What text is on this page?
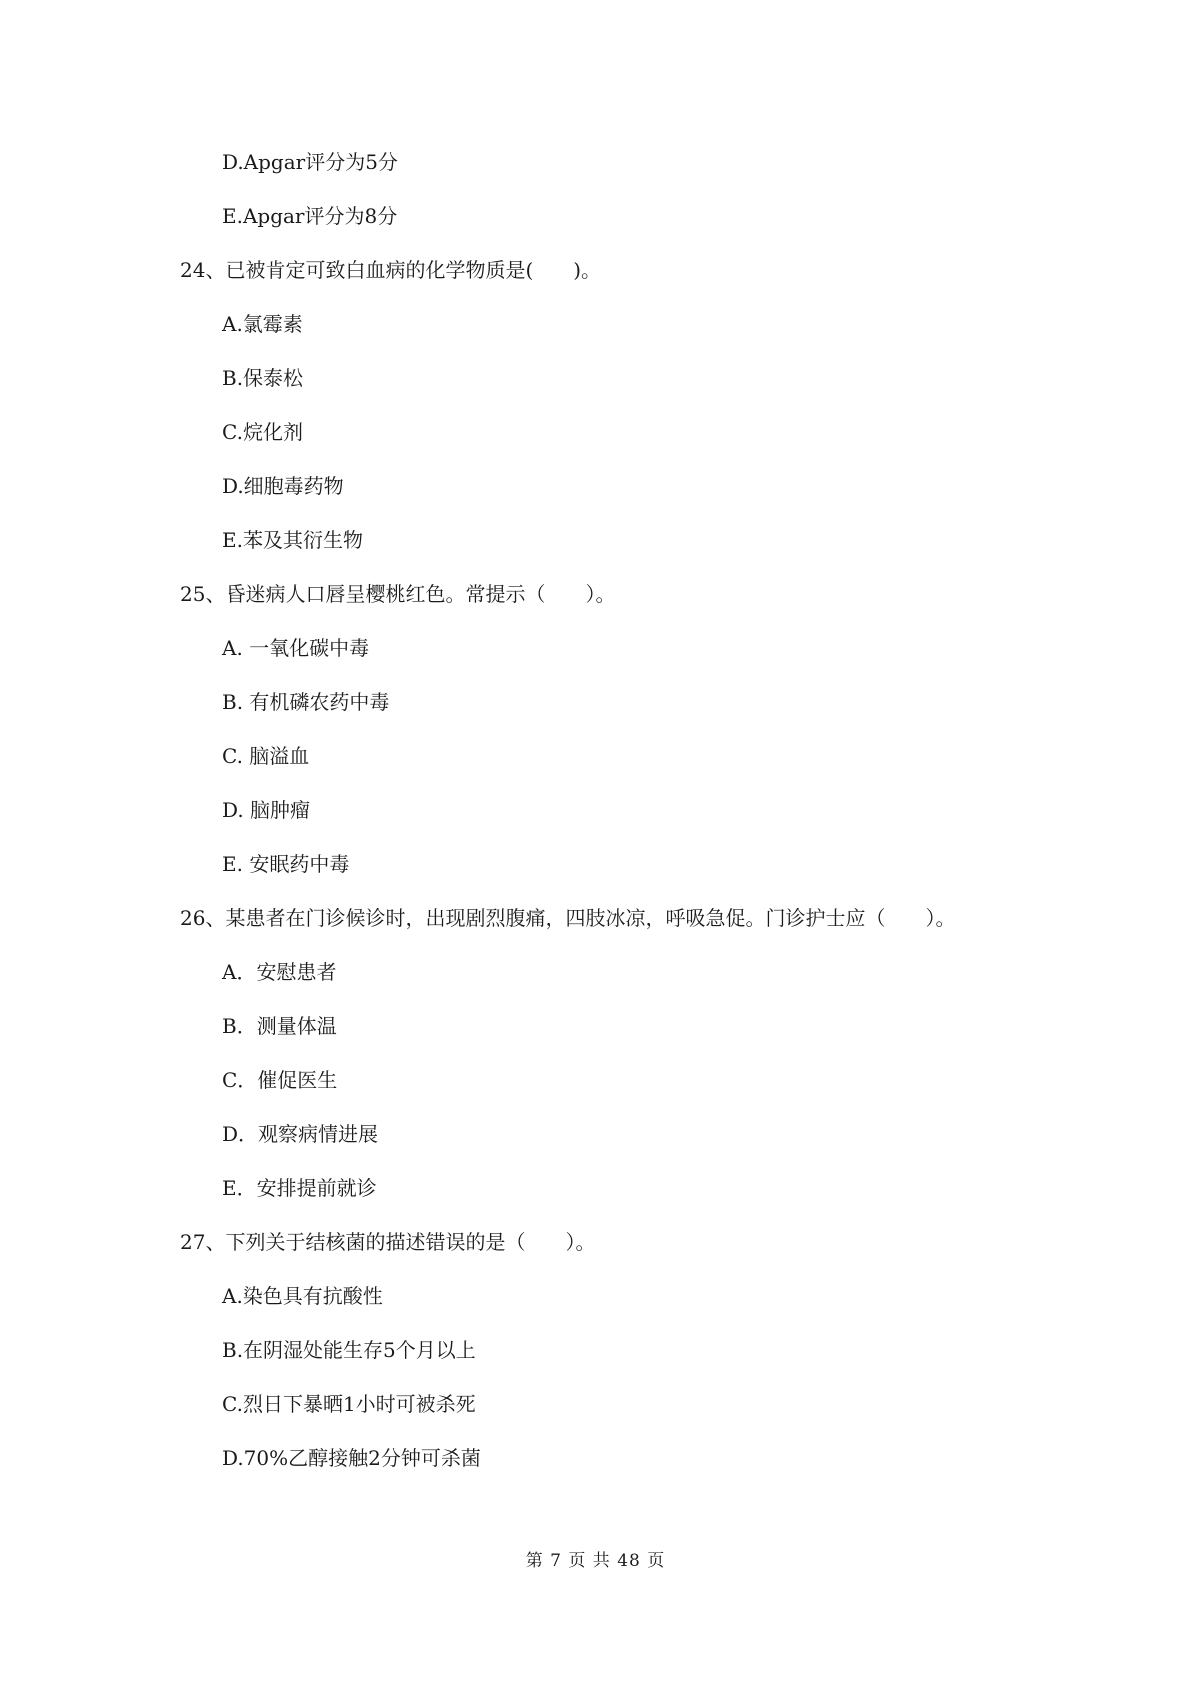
D.Apgar评分为5分
E.Apgar评分为8分
24、已被肯定可致白血病的化学物质是(　　)。
A.氯霉素
B.保泰松
C.烷化剂
D.细胞毒药物
E.苯及其衍生物
25、昏迷病人口唇呈樱桃红色。常提示（　　）。
A. 一氧化碳中毒
B. 有机磷农药中毒
C. 脑溢血
D. 脑肿瘤
E. 安眠药中毒
26、某患者在门诊候诊时，出现剧烈腹痛，四肢冰凉，呼吸急促。门诊护士应（　　）。
A．安慰患者
B．测量体温
C．催促医生
D．观察病情进展
E．安排提前就诊
27、下列关于结核菌的描述错误的是（　　）。
A.染色具有抗酸性
B.在阴湿处能生存5个月以上
C.烈日下暴晒1小时可被杀死
D.70%乙醇接触2分钟可杀菌
第 7 页 共 48 页
